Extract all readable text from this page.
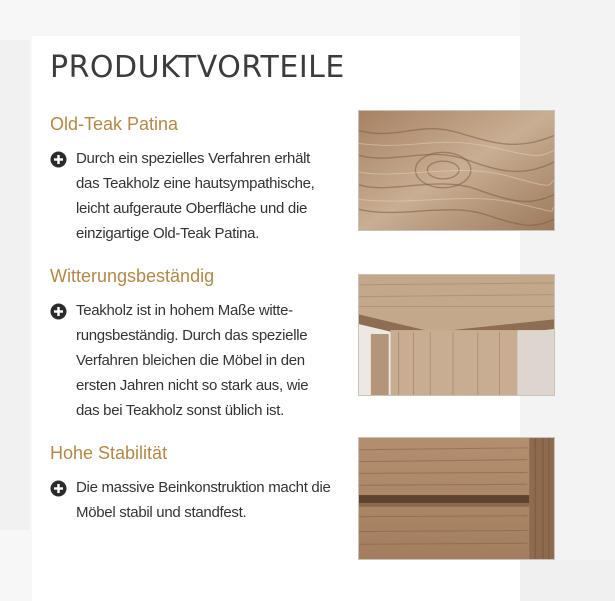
PRODUKTVORTEILE
Old-Teak Patina

Durch ein spezielles Verfahren erhält das Teakholz eine hautsympathische, leicht aufgeraute Oberfläche und die einzigartige Old-Teak Patina.

Witterungsbeständig

Teakholz ist in hohem Maße witte-rungsbeständig. Durch das spezielle Verfahren bleichen die Möbel in den ersten Jahren nicht so stark aus, wie das bei Teakholz sonst üblich ist.

Hohe Stabilität

Die massive Beinkonstruktion macht die Möbel stabil und standfest.
